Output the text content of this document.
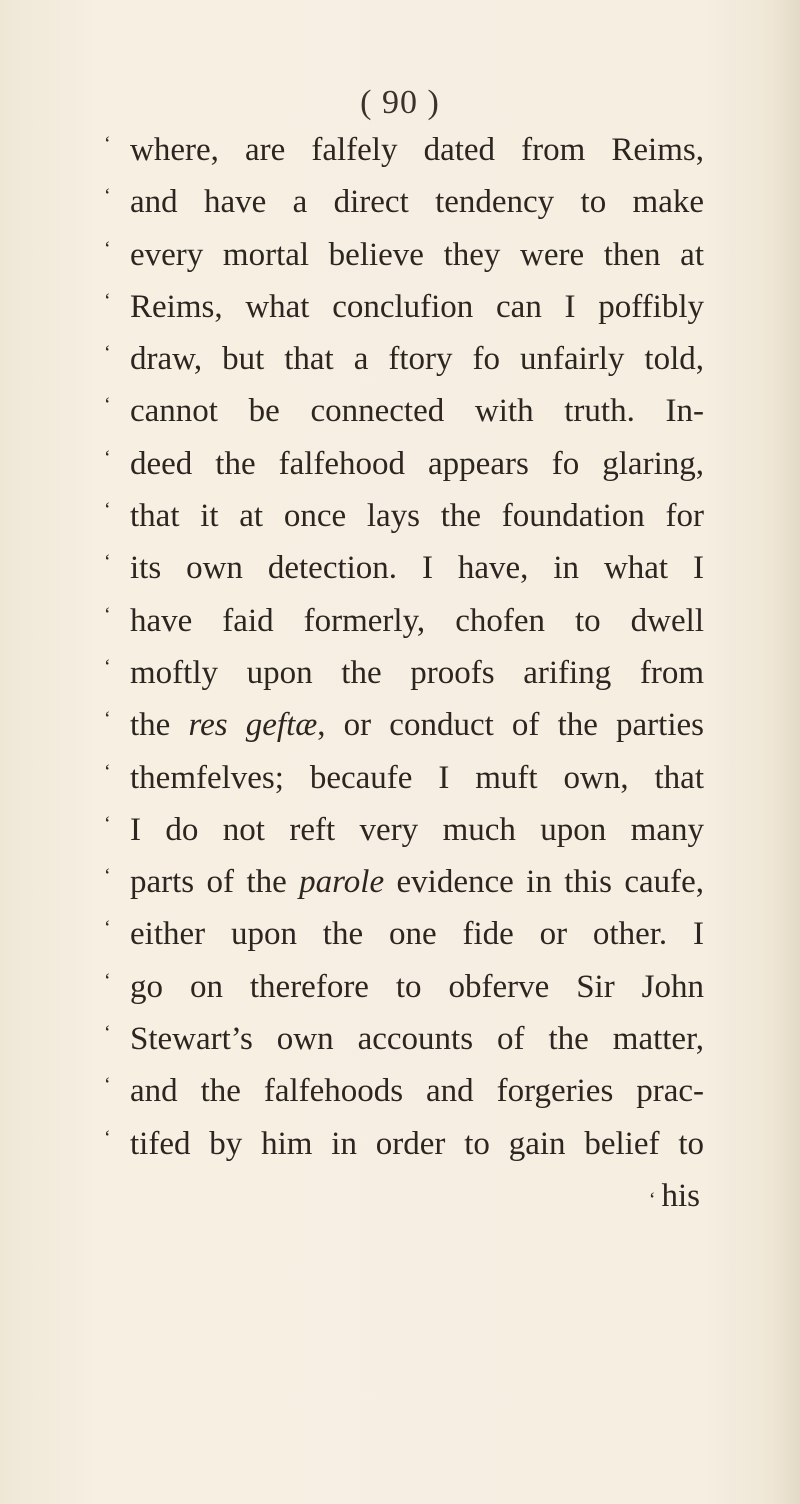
( 90 )
‘ where, are falfely dated from Reims,
‘ and have a direct tendency to make
‘ every mortal believe they were then at
‘ Reims, what conclufion can I poffibly
‘ draw, but that a ftory fo unfairly told,
‘ cannot be connected with truth. In-
‘ deed the falfehood appears fo glaring,
‘ that it at once lays the foundation for
‘ its own detection. I have, in what I
‘ have faid formerly, chofen to dwell
‘ moftly upon the proofs arifing from
‘ the res geftæ, or conduct of the parties
‘ themfelves; becaufe I muft own, that
‘ I do not reft very much upon many
‘ parts of the parole evidence in this caufe,
‘ either upon the one fide or other. I
‘ go on therefore to obferve Sir John
‘ Stewart’s own accounts of the matter,
‘ and the falfehoods and forgeries prac-
‘ tifed by him in order to gain belief to
‘ his
